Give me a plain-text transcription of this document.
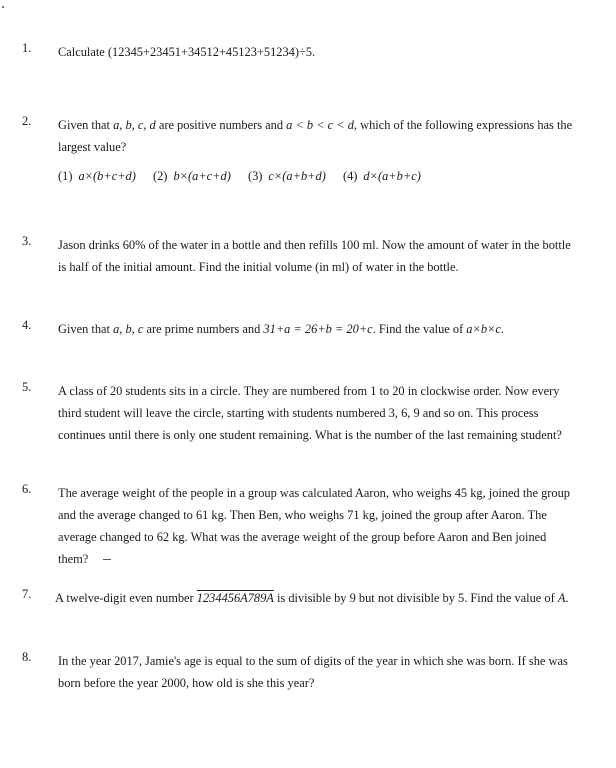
1. Calculate (12345+23451+34512+45123+51234)÷5.
2. Given that a, b, c, d are positive numbers and a < b < c < d, which of the following expressions has the largest value?
(1) a×(b+c+d) (2) b×(a+c+d) (3) c×(a+b+d) (4) d×(a+b+c)
3. Jason drinks 60% of the water in a bottle and then refills 100 ml. Now the amount of water in the bottle is half of the initial amount. Find the initial volume (in ml) of water in the bottle.
4. Given that a, b, c are prime numbers and 31+a = 26+b = 20+c. Find the value of a×b×c.
5. A class of 20 students sits in a circle. They are numbered from 1 to 20 in clockwise order. Now every third student will leave the circle, starting with students numbered 3, 6, 9 and so on. This process continues until there is only one student remaining. What is the number of the last remaining student?
6. The average weight of the people in a group was calculated Aaron, who weighs 45 kg, joined the group and the average changed to 61 kg. Then Ben, who weighs 71 kg, joined the group after Aaron. The average changed to 62 kg. What was the average weight of the group before Aaron and Ben joined them?
7. A twelve-digit even number 1234456A789A is divisible by 9 but not divisible by 5. Find the value of A.
8. In the year 2017, Jamie's age is equal to the sum of digits of the year in which she was born. If she was born before the year 2000, how old is she this year?
